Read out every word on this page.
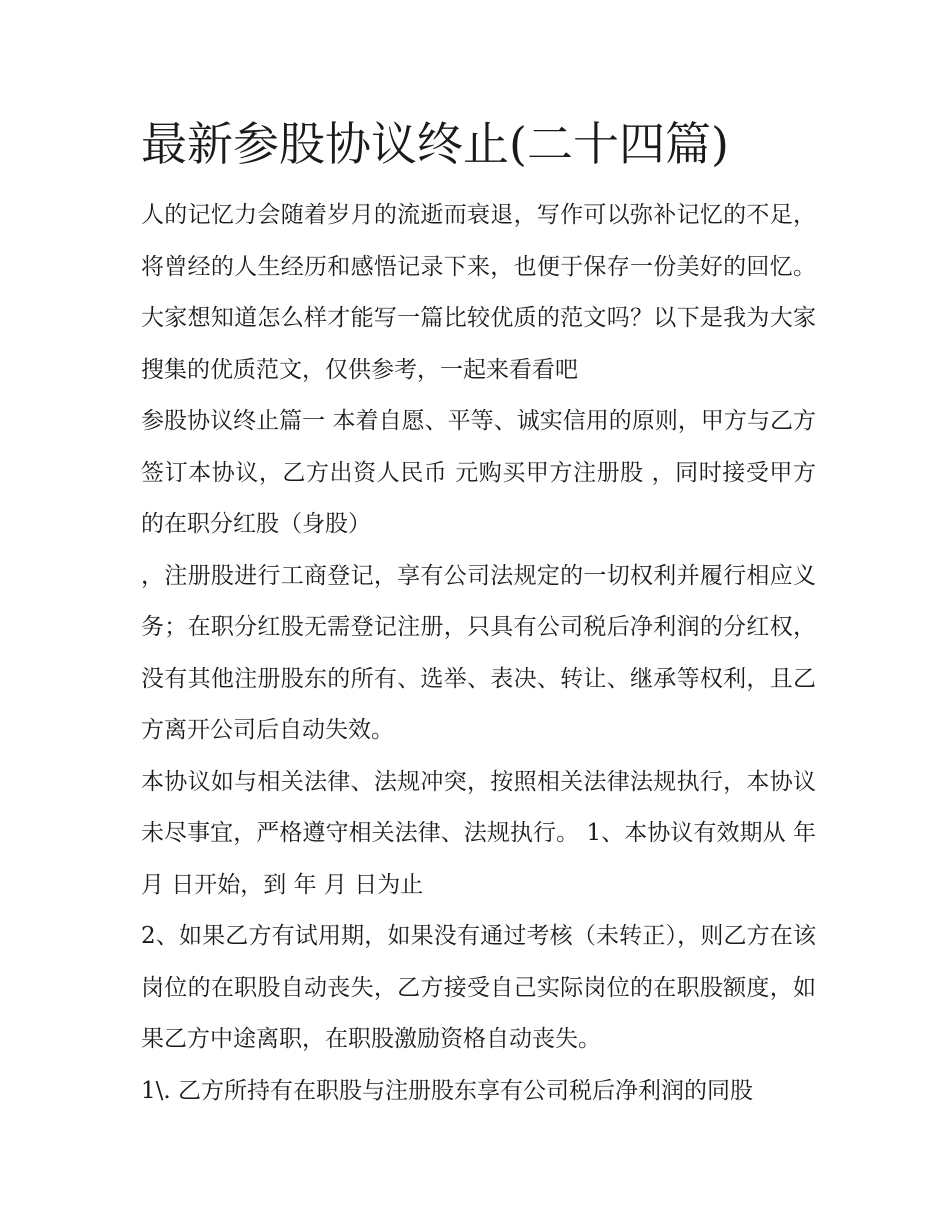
最新参股协议终止(二十四篇)

人的记忆力会随着岁月的流逝而衰退，写作可以弥补记忆的不足，将曾经的人生经历和感悟记录下来，也便于保存一份美好的回忆。大家想知道怎么样才能写一篇比较优质的范文吗？以下是我为大家搜集的优质范文，仅供参考，一起来看看吧

参股协议终止篇一 本着自愿、平等、诚实信用的原则，甲方与乙方签订本协议，乙方出资人民币 元购买甲方注册股 ，同时接受甲方的在职分红股（身股）

，注册股进行工商登记，享有公司法规定的一切权利并履行相应义务；在职分红股无需登记注册，只具有公司税后净利润的分红权，没有其他注册股东的所有、选举、表决、转让、继承等权利，且乙方离开公司后自动失效。

本协议如与相关法律、法规冲突，按照相关法律法规执行，本协议未尽事宜，严格遵守相关法律、法规执行。 1、本协议有效期从 年 月 日开始，到 年 月 日为止

2、如果乙方有试用期，如果没有通过考核（未转正），则乙方在该岗位的在职股自动丧失，乙方接受自己实际岗位的在职股额度，如果乙方中途离职，在职股激励资格自动丧失。

1\. 乙方所持有在职股与注册股东享有公司税后净利润的同股
